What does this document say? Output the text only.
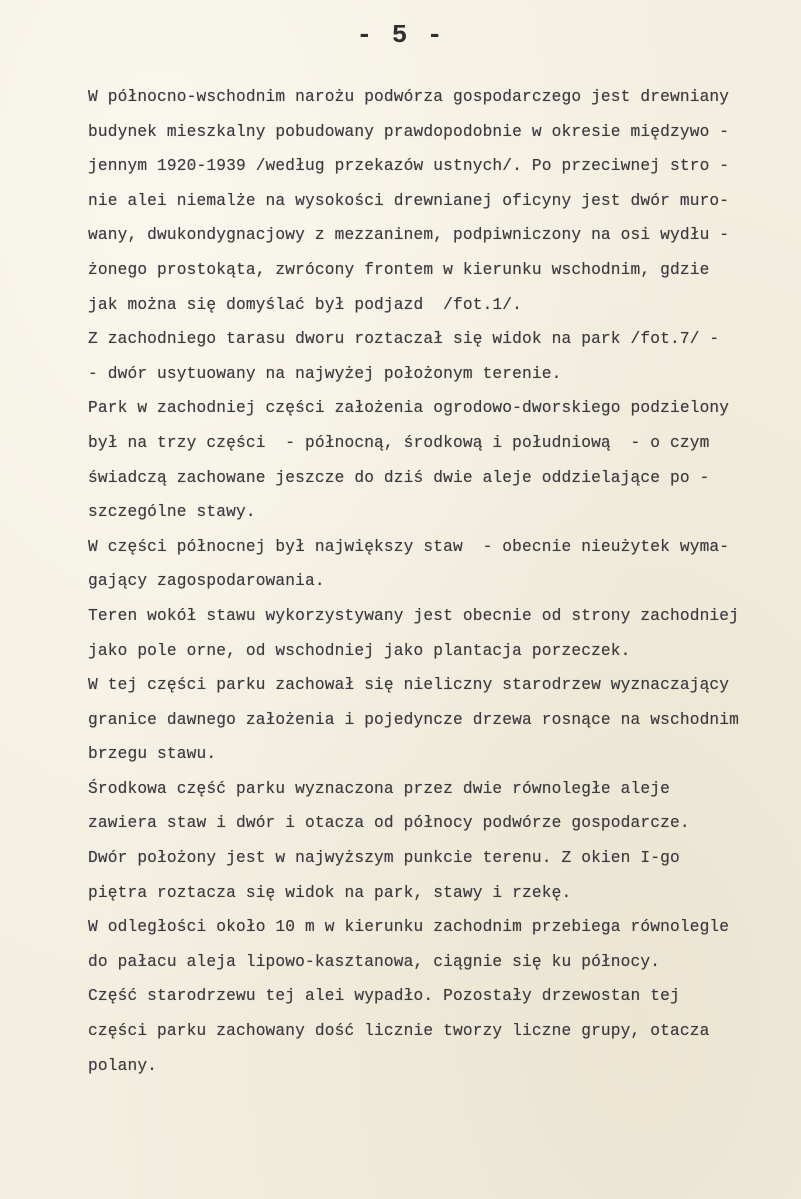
- 5 -
W północno-wschodnim narożu podwórza gospodarczego jest drewniany
budynek mieszkalny pobudowany prawdopodobnie w okresie międzywo -
jennym 1920-1939 /według przekazów ustnych/. Po przeciwnej stro -
nie alei niemalże na wysokości drewnianej oficyny jest dwór muro-
wany, dwukondygnacjowy z mezzaninem, podpiwniczony na osi wydłu -
żonego prostokąta, zwrócony frontem w kierunku wschodnim, gdzie
jak można się domyślać był podjazd  /fot.1/.
Z zachodniego tarasu dworu roztaczał się widok na park /fot.7/ -
- dwór usytuowany na najwyżej położonym terenie.
Park w zachodniej części założenia ogrodowo-dworskiego podzielony
był na trzy części  - północną, środkową i południową  - o czym
świadczą zachowane jeszcze do dziś dwie aleje oddzielające po -
szczególne stawy.
W części północnej był największy staw  - obecnie nieużytek wyma-
gający zagospodarowania.
Teren wokół stawu wykorzystywany jest obecnie od strony zachodniej
jako pole orne, od wschodniej jako plantacja porzeczek.
W tej części parku zachował się nieliczny starodrzew wyznaczający
granice dawnego założenia i pojedyncze drzewa rosnące na wschodnim
brzegu stawu.
Środkowa część parku wyznaczona przez dwie równoległe aleje
zawiera staw i dwór i otacza od północy podwórze gospodarcze.
Dwór położony jest w najwyższym punkcie terenu. Z okien I-go
piętra roztacza się widok na park, stawy i rzekę.
W odległości około 10 m w kierunku zachodnim przebiega równolegle
do pałacu aleja lipowo-kasztanowa, ciągnie się ku północy.
Część starodrzewu tej alei wypadło. Pozostały drzewostan tej
części parku zachowany dość licznie tworzy liczne grupy, otacza
polany.
